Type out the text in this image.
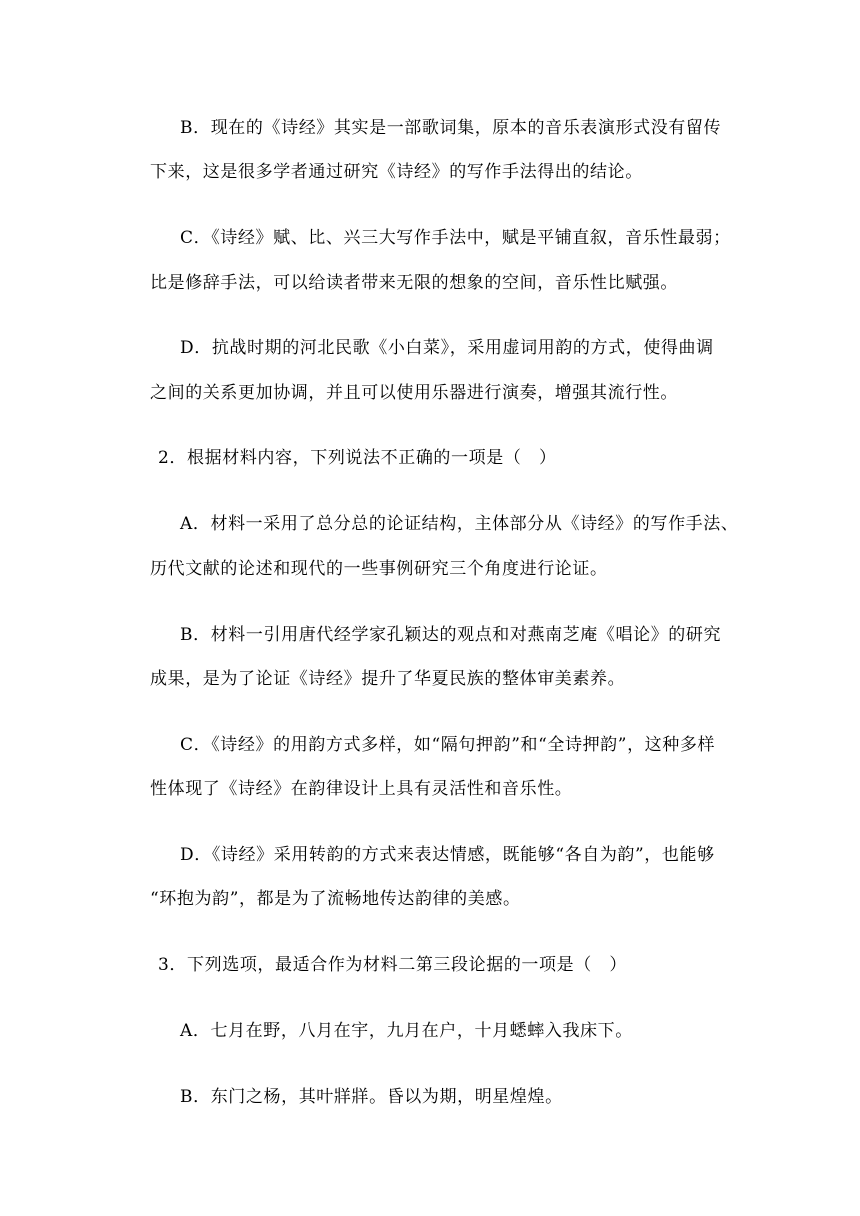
B．现在的《诗经》其实是一部歌词集，原本的音乐表演形式没有留传
下来，这是很多学者通过研究《诗经》的写作手法得出的结论。
C．《诗经》赋、比、兴三大写作手法中，赋是平铺直叙，音乐性最弱；
比是修辞手法，可以给读者带来无限的想象的空间，音乐性比赋强。
D．抗战时期的河北民歌《小白菜》，采用虚词用韵的方式，使得曲调
之间的关系更加协调，并且可以使用乐器进行演奏，增强其流行性。
2．根据材料内容，下列说法不正确的一项是（　）
A．材料一采用了总分总的论证结构，主体部分从《诗经》的写作手法、
历代文献的论述和现代的一些事例研究三个角度进行论证。
B．材料一引用唐代经学家孔颖达的观点和对燕南芝庵《唱论》的研究
成果，是为了论证《诗经》提升了华夏民族的整体审美素养。
C．《诗经》的用韵方式多样，如“隔句押韵”和“全诗押韵”，这种多样
性体现了《诗经》在韵律设计上具有灵活性和音乐性。
D．《诗经》采用转韵的方式来表达情感，既能够“各自为韵”，也能够
“环抱为韵”，都是为了流畅地传达韵律的美感。
3．下列选项，最适合作为材料二第三段论据的一项是（　）
A．七月在野，八月在宇，九月在户，十月蟋蟀入我床下。
B．东门之杨，其叶牂牂。昏以为期，明星煌煌。
